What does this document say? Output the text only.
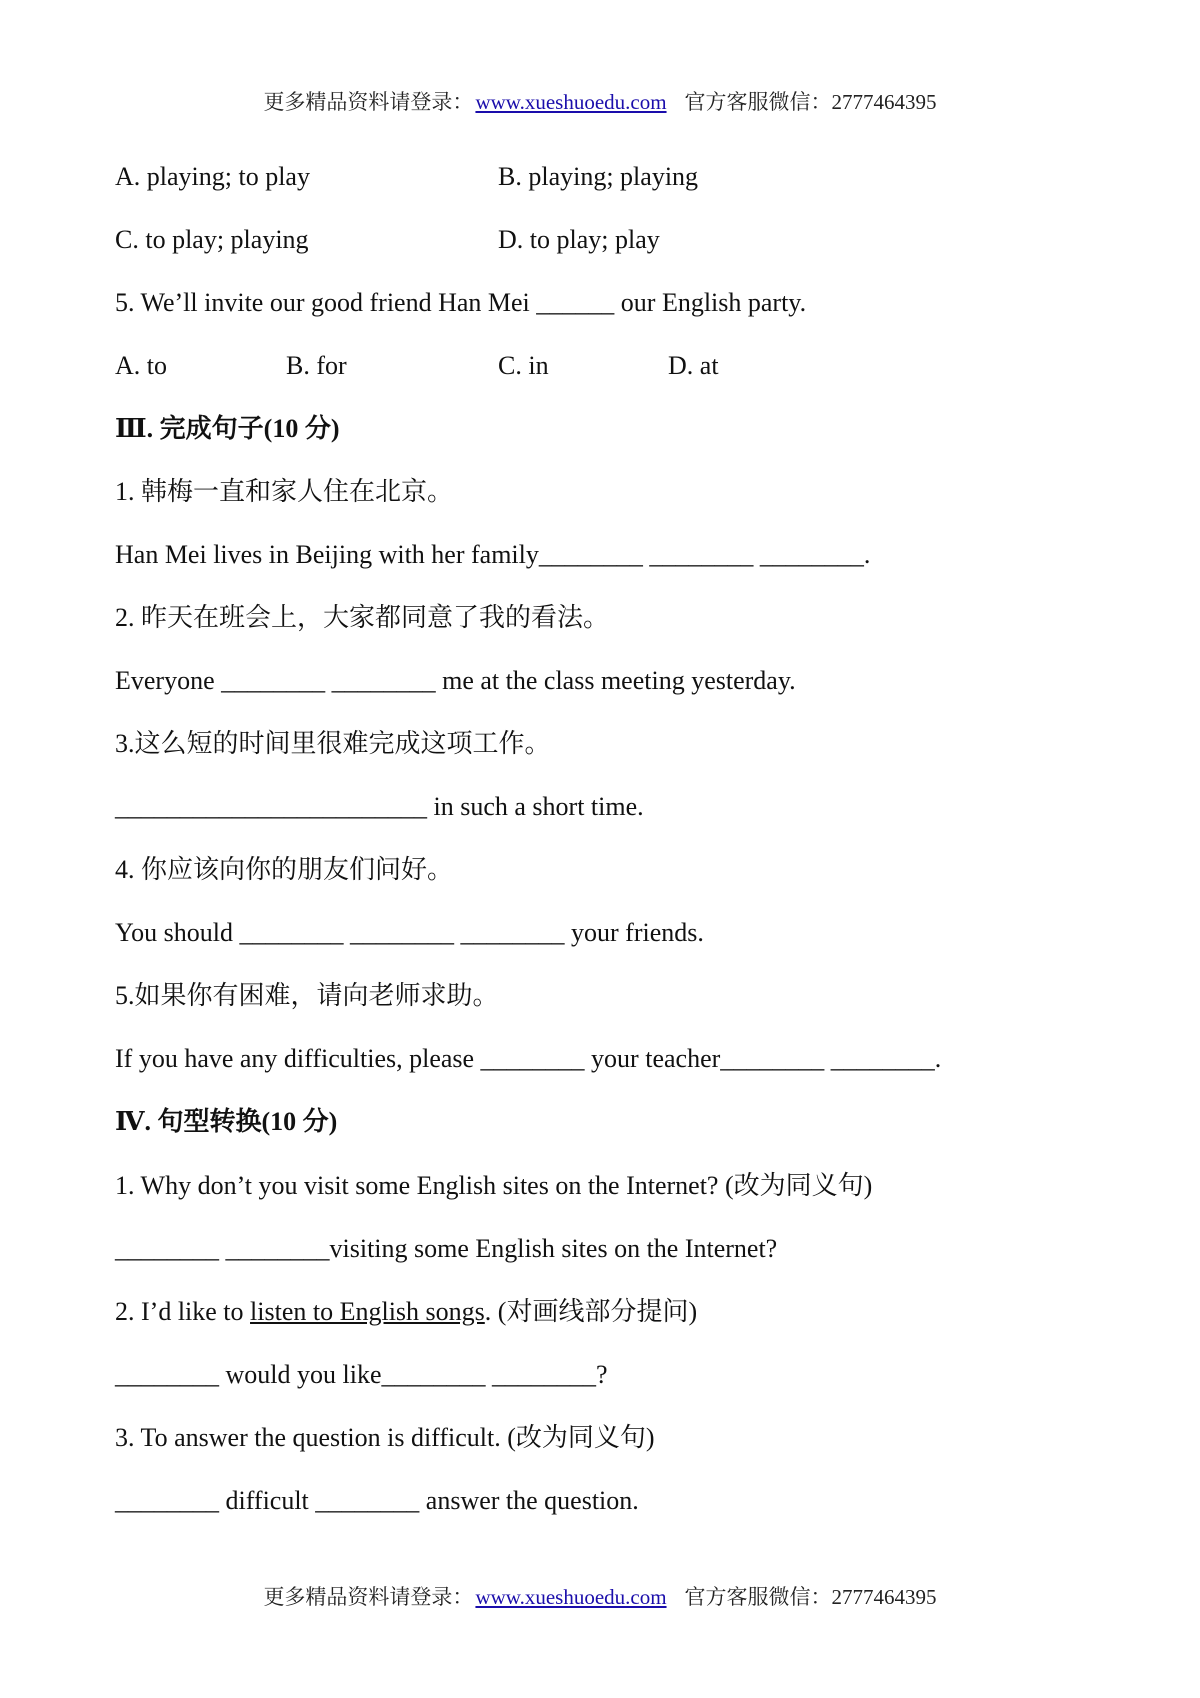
更多精品资料请登录：www.xueshuoedu.com 官方客服微信：2777464395
A. playing; to play	B. playing; playing
C. to play; playing	D. to play; play
5. We’ll invite our good friend Han Mei ______ our English party.
A. to	B. for	C. in	D. at
Ⅲ. 完成句子(10 分)
1. 韩梅一直和家人住在北京。
Han Mei lives in Beijing with her family________ ________ ________.
2. 昨天在班会上，大家都同意了我的看法。
Everyone ________ ________ me at the class meeting yesterday.
3.这么短的时间里很难完成这项工作。
________________________ in such a short time.
4. 你应该向你的朋友们问好。
You should ________ ________ ________ your friends.
5.如果你有困难，请向老师求助。
If you have any difficulties, please ________ your teacher________ ________.
Ⅳ. 句型转换(10 分)
1. Why don’t you visit some English sites on the Internet? (改为同义句)
________ ________visiting some English sites on the Internet?
2. I’d like to listen to English songs. (对画线部分提问)
________ would you like________ ________?
3. To answer the question is difficult. (改为同义句)
________ difficult ________ answer the question.
更多精品资料请登录：www.xueshuoedu.com 官方客服微信：2777464395
